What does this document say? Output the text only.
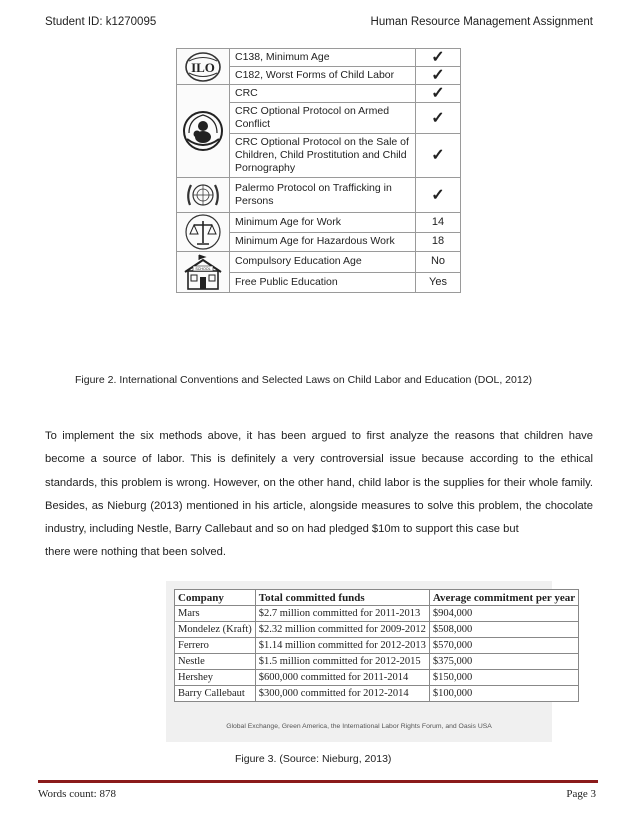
Student ID: k1270095	Human Resource Management Assignment
ILO	C138, Minimum Age	✓
	C182, Worst Forms of Child Labor	✓

	CRC	✓
	CRC Optional Protocol on Armed Conflict	✓
	CRC Optional Protocol on the Sale of Children, Child Prostitution and Child Pornography	✓

	Palermo Protocol on Trafficking in Persons	✓

	Minimum Age for Work	14
	Minimum Age for Hazardous Work	18

SCHOOL	Compulsory Education Age	No
	Free Public Education	Yes
Figure 2. International Conventions and Selected Laws on Child Labor and Education (DOL, 2012)
To implement the six methods above, it has been argued to first analyze the reasons that children have become a source of labor. This is definitely a very controversial issue because according to the ethical standards, this problem is wrong. However, on the other hand, child labor is the supplies for their whole family. Besides, as Nieburg (2013) mentioned in his article, alongside measures to solve this problem, the chocolate industry, including Nestle, Barry Callebaut and so on had pledged $10m to support this case but
there were nothing that been solved.
Company	Total committed funds	Average commitment per year
Mars	$2.7 million committed for 2011-2013	$904,000
Mondelez (Kraft)	$2.32 million committed for 2009-2012	$508,000
Ferrero	$1.14 million committed for 2012-2013	$570,000
Nestle	$1.5 million committed for 2012-2015	$375,000
Hershey	$600,000 committed for 2011-2014	$150,000
Barry Callebaut	$300,000 committed for 2012-2014	$100,000
Global Exchange, Green America, the International Labor Rights Forum, and Oasis USA
Figure 3. (Source: Nieburg, 2013)
Words count: 878	Page 3
